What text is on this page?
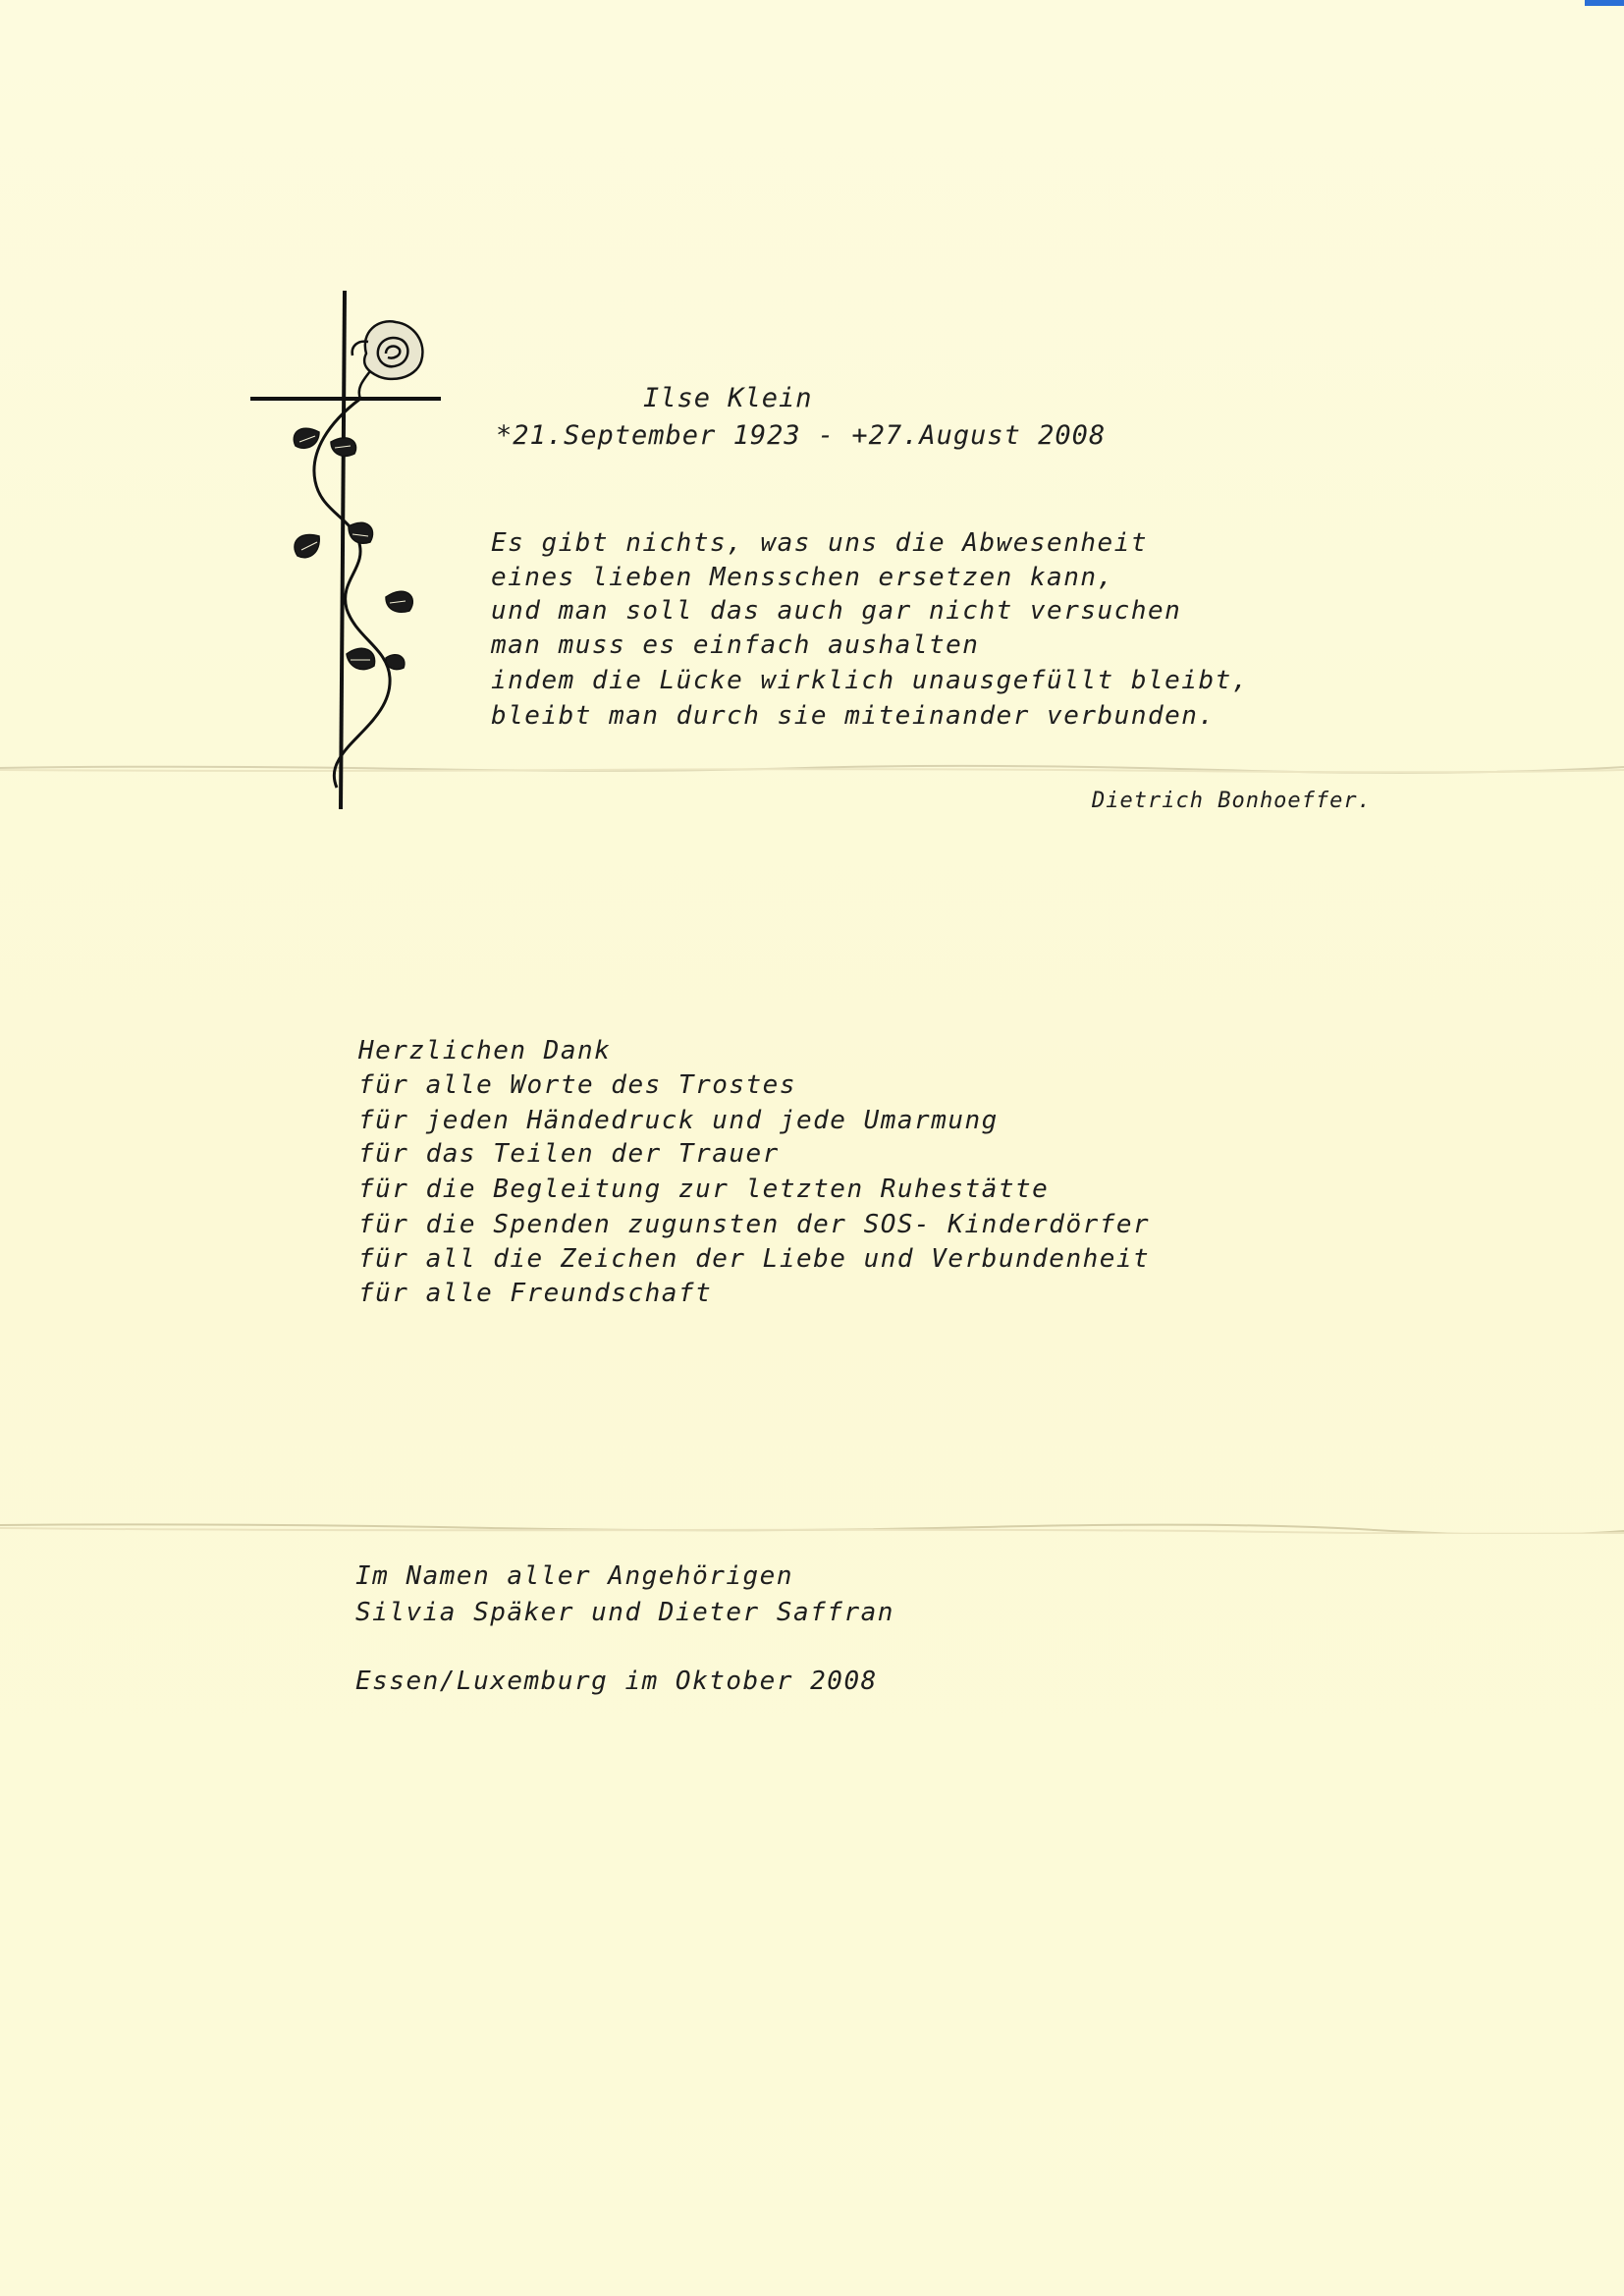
Ilse Klein
*21.September 1923 - +27.August 2008
Es gibt nichts, was uns die Abwesenheit
eines lieben Mensschen ersetzen kann,
und man soll das auch gar nicht versuchen
man muss es einfach aushalten
indem die Lücke wirklich unausgefüllt bleibt,
bleibt man durch sie miteinander verbunden.
Dietrich Bonhoeffer.
Herzlichen Dank
für alle Worte des Trostes
für jeden Händedruck und jede Umarmung
für das Teilen der Trauer
für die Begleitung zur letzten Ruhestätte
für die Spenden zugunsten der SOS- Kinderdörfer
für all die Zeichen der Liebe und Verbundenheit
für alle Freundschaft
Im Namen aller Angehörigen
Silvia Späker und Dieter Saffran
Essen/Luxemburg im Oktober 2008
